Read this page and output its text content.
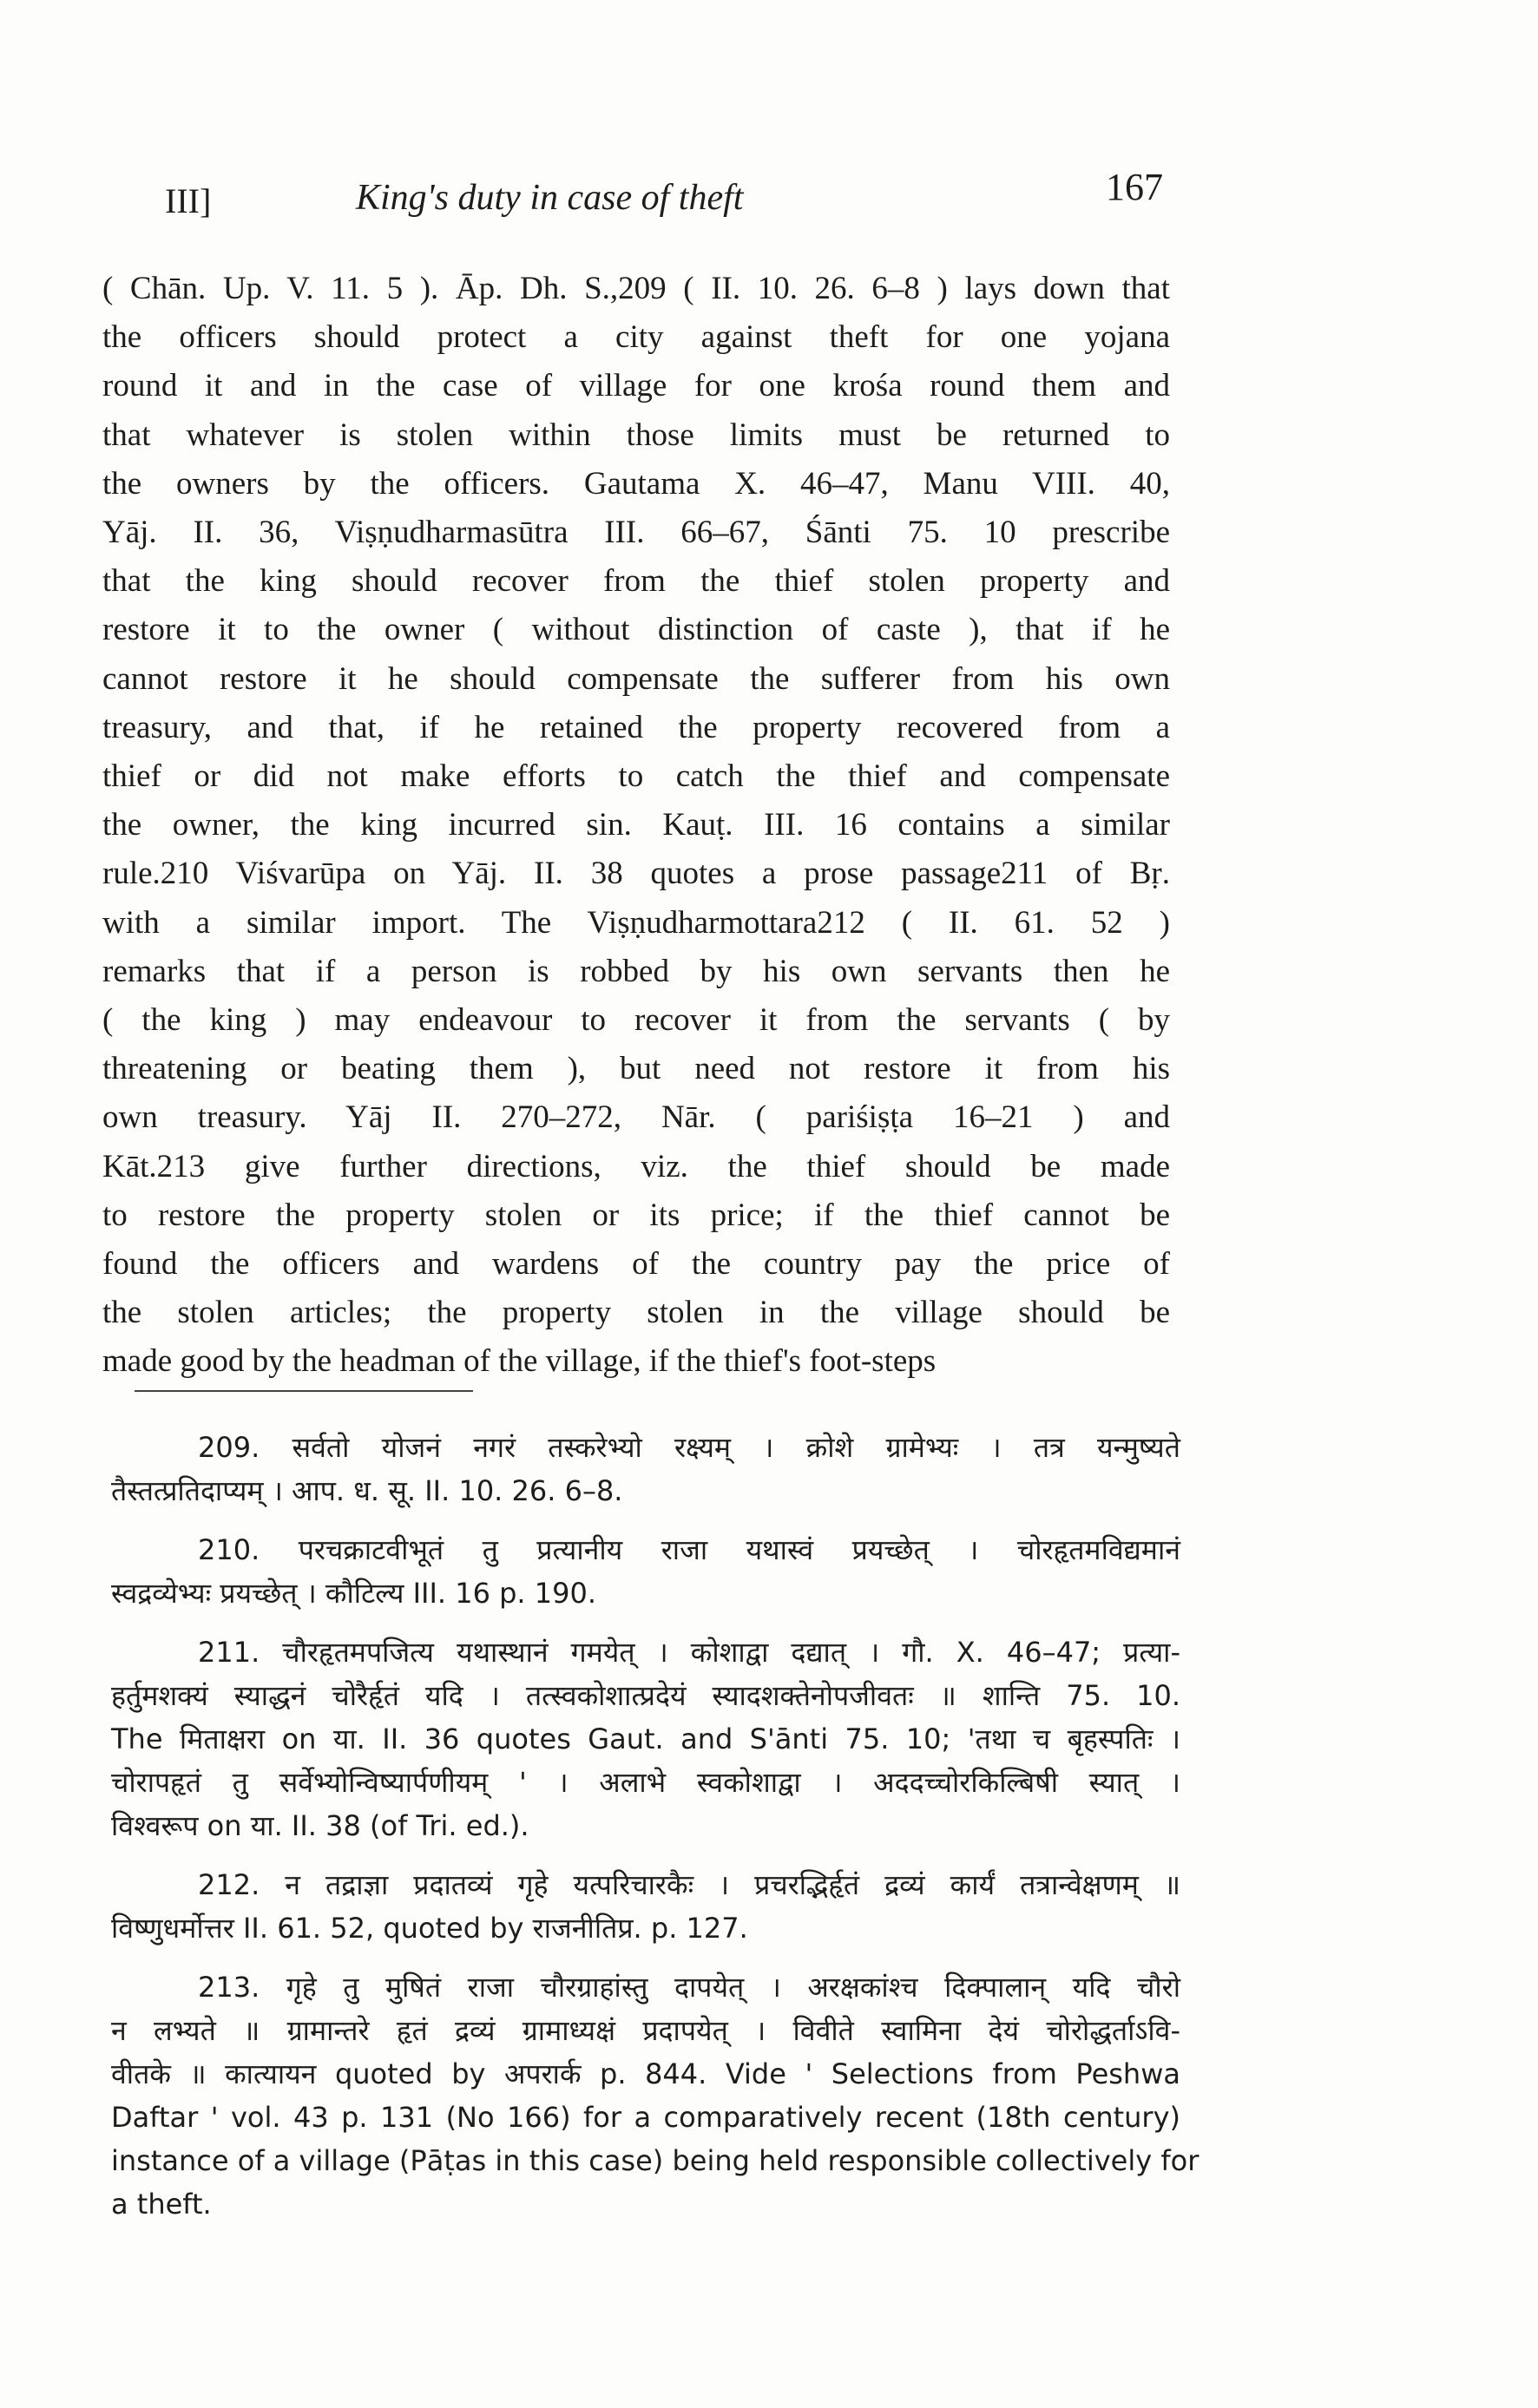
III]	King's duty in case of theft	167
( Chān. Up. V. 11. 5 ). Āp. Dh. S.,209 ( II. 10. 26. 6–8 ) lays down that
the officers should protect a city against theft for one yojana
round it and in the case of village for one krośa round them and
that whatever is stolen within those limits must be returned to
the owners by the officers. Gautama X. 46–47, Manu VIII. 40,
Yāj. II. 36, Viṣṇudharmasūtra III. 66–67, Śānti 75. 10 prescribe
that the king should recover from the thief stolen property and
restore it to the owner ( without distinction of caste ), that if he
cannot restore it he should compensate the sufferer from his own
treasury, and that, if he retained the property recovered from a
thief or did not make efforts to catch the thief and compensate
the owner, the king incurred sin. Kauṭ. III. 16 contains a similar
rule.210 Viśvarūpa on Yāj. II. 38 quotes a prose passage211 of Bṛ.
with a similar import. The Viṣṇudharmottara212 ( II. 61. 52 )
remarks that if a person is robbed by his own servants then he
( the king ) may endeavour to recover it from the servants ( by
threatening or beating them ), but need not restore it from his
own treasury. Yāj II. 270–272, Nār. ( pariśiṣṭa 16–21 ) and
Kāt.213 give further directions, viz. the thief should be made
to restore the property stolen or its price; if the thief cannot be
found the officers and wardens of the country pay the price of
the stolen articles; the property stolen in the village should be
made good by the headman of the village, if the thief's foot-steps
209. सर्वतो योजनं नगरं तस्करेभ्यो रक्ष्यम् । क्रोशे ग्रामेभ्यः । तत्र यन्मुष्यते
तैस्तत्प्रतिदाप्यम् । आप. ध. सू. II. 10. 26. 6–8.
210. परचक्राटवीभूतं तु प्रत्यानीय राजा यथास्वं प्रयच्छेत् । चोरहृतमविद्यमानं
स्वद्रव्येभ्यः प्रयच्छेत् । कौटिल्य III. 16 p. 190.
211. चौरहृतमपजित्य यथास्थानं गमयेत् । कोशाद्वा दद्यात् । गौ. X. 46–47; प्रत्या-
हर्तुमशक्यं स्याद्धनं चोरैर्हृतं यदि । तत्स्वकोशात्प्रदेयं स्यादशक्तेनोपजीवतः ॥ शान्ति 75. 10.
The मिताक्षरा on या. II. 36 quotes Gaut. and S'ānti 75. 10; 'तथा च बृहस्पतिः ।
चोरापहृतं तु सर्वेभ्योन्विष्यार्पणीयम् ' । अलाभे स्वकोशाद्वा । अददच्चोरकिल्बिषी स्यात् ।
विश्वरूप on या. II. 38 (of Tri. ed.).
212. न तद्राज्ञा प्रदातव्यं गृहे यत्परिचारकैः । प्रचरद्भिर्हृतं द्रव्यं कार्यं तत्रान्वेक्षणम् ॥
विष्णुधर्मोत्तर II. 61. 52, quoted by राजनीतिप्र. p. 127.
213. गृहे तु मुषितं राजा चौरग्राहांस्तु दापयेत् । अरक्षकांश्च दिक्पालान् यदि चौरो
न लभ्यते ॥ ग्रामान्तरे हृतं द्रव्यं ग्रामाध्यक्षं प्रदापयेत् । विवीते स्वामिना देयं चोरोद्धर्ताऽवि-
वीतके ॥ कात्यायन quoted by अपरार्क p. 844. Vide ' Selections from Peshwa
Daftar ' vol. 43 p. 131 (No 166) for a comparatively recent (18th century)
instance of a village (Pāṭas in this case) being held responsible collectively for
a theft.
